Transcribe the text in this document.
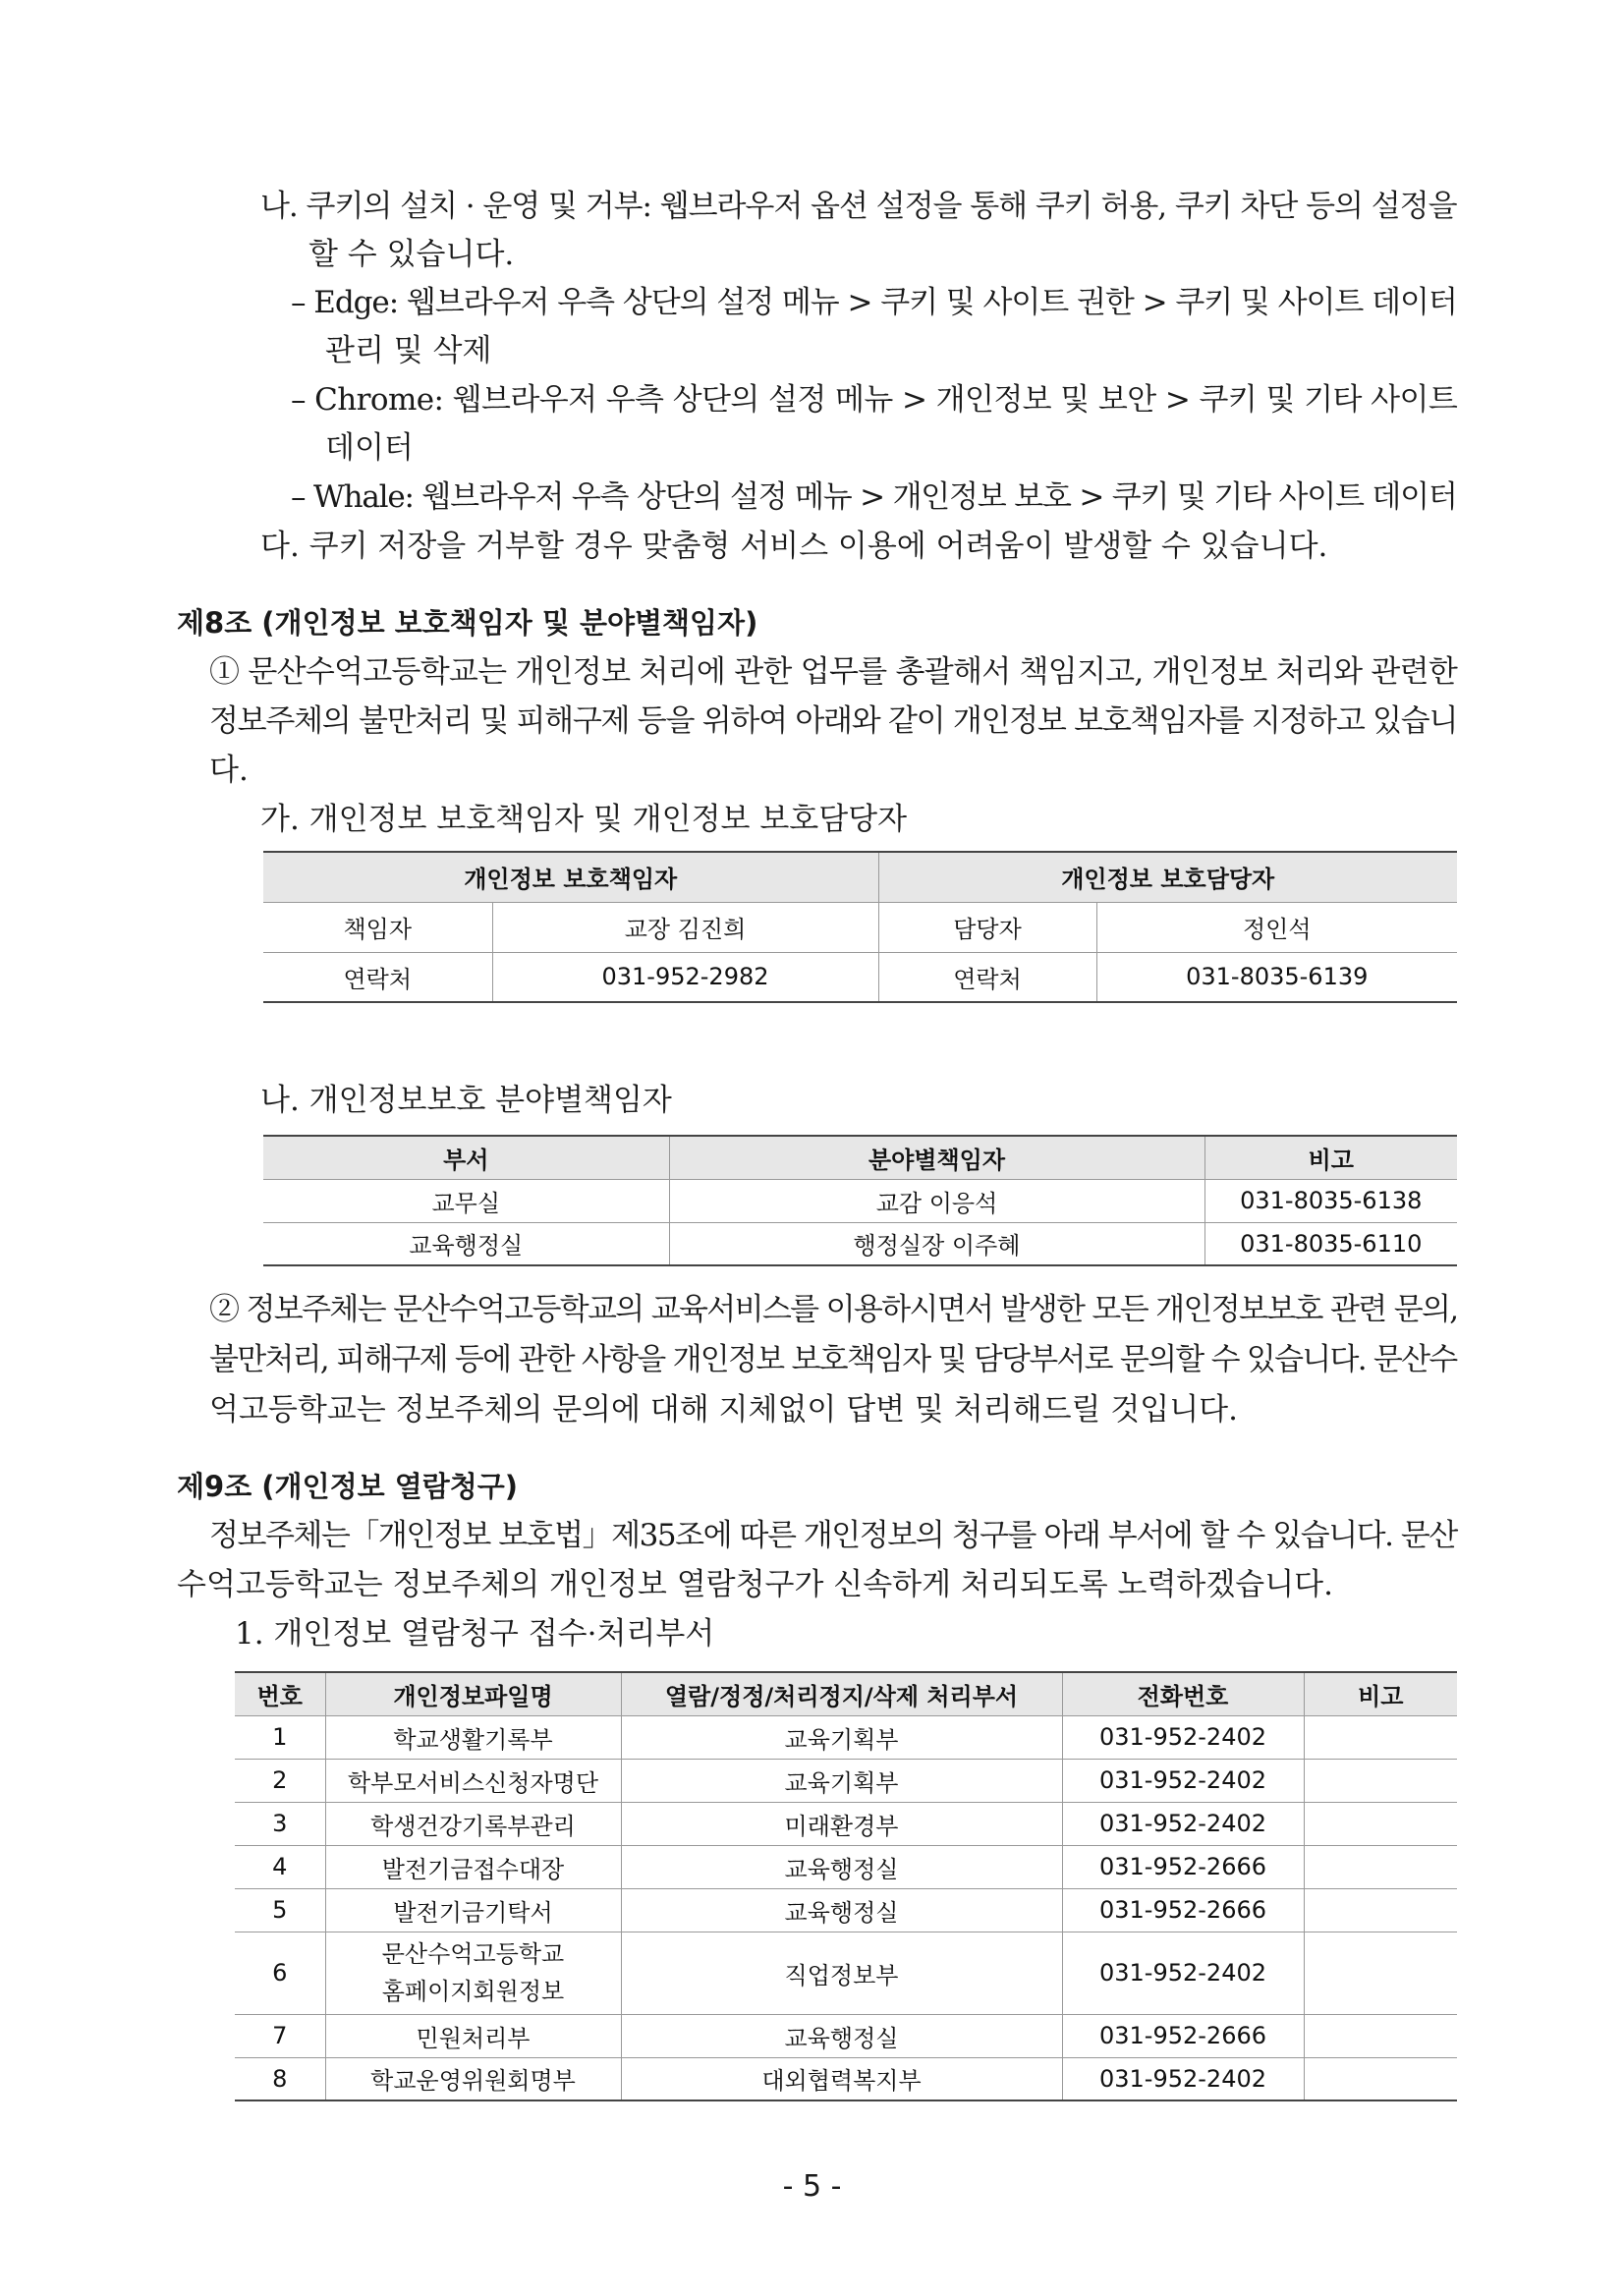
나. 쿠키의 설치 · 운영 및 거부: 웹브라우저 옵션 설정을 통해 쿠키 허용, 쿠키 차단 등의 설정을
할 수 있습니다.
– Edge: 웹브라우저 우측 상단의 설정 메뉴 > 쿠키 및 사이트 권한 > 쿠키 및 사이트 데이터
관리 및 삭제
– Chrome: 웹브라우저 우측 상단의 설정 메뉴 > 개인정보 및 보안 > 쿠키 및 기타 사이트
데이터
– Whale: 웹브라우저 우측 상단의 설정 메뉴 > 개인정보 보호 > 쿠키 및 기타 사이트 데이터
다. 쿠키 저장을 거부할 경우 맞춤형 서비스 이용에 어려움이 발생할 수 있습니다.
제8조 (개인정보 보호책임자 및 분야별책임자)
① 문산수억고등학교는 개인정보 처리에 관한 업무를 총괄해서 책임지고, 개인정보 처리와 관련한
정보주체의 불만처리 및 피해구제 등을 위하여 아래와 같이 개인정보 보호책임자를 지정하고 있습니
다.
가. 개인정보 보호책임자 및 개인정보 보호담당자
개인정보 보호책임자		개인정보 보호담당자	
책임자	교장 김진희	담당자	정인석
연락처	031-952-2982	연락처	031-8035-6139
나. 개인정보보호 분야별책임자
부서	분야별책임자	비고
교무실	교감 이응석	031-8035-6138
교육행정실	행정실장 이주혜	031-8035-6110
② 정보주체는 문산수억고등학교의 교육서비스를 이용하시면서 발생한 모든 개인정보보호 관련 문의,
불만처리, 피해구제 등에 관한 사항을 개인정보 보호책임자 및 담당부서로 문의할 수 있습니다. 문산수
억고등학교는 정보주체의 문의에 대해 지체없이 답변 및 처리해드릴 것입니다.
제9조 (개인정보 열람청구)
정보주체는「개인정보 보호법」제35조에 따른 개인정보의 청구를 아래 부서에 할 수 있습니다. 문산
수억고등학교는 정보주체의 개인정보 열람청구가 신속하게 처리되도록 노력하겠습니다.
1. 개인정보 열람청구 접수·처리부서
번호	개인정보파일명	열람/정정/처리정지/삭제 처리부서	전화번호	비고
1	학교생활기록부	교육기획부	031-952-2402	
2	학부모서비스신청자명단	교육기획부	031-952-2402	
3	학생건강기록부관리	미래환경부	031-952-2402	
4	발전기금접수대장	교육행정실	031-952-2666	
5	발전기금기탁서	교육행정실	031-952-2666	
6	문산수억고등학교
홈페이지회원정보	직업정보부	031-952-2402	
7	민원처리부	교육행정실	031-952-2666	
8	학교운영위원회명부	대외협력복지부	031-952-2402	
- 5 -
